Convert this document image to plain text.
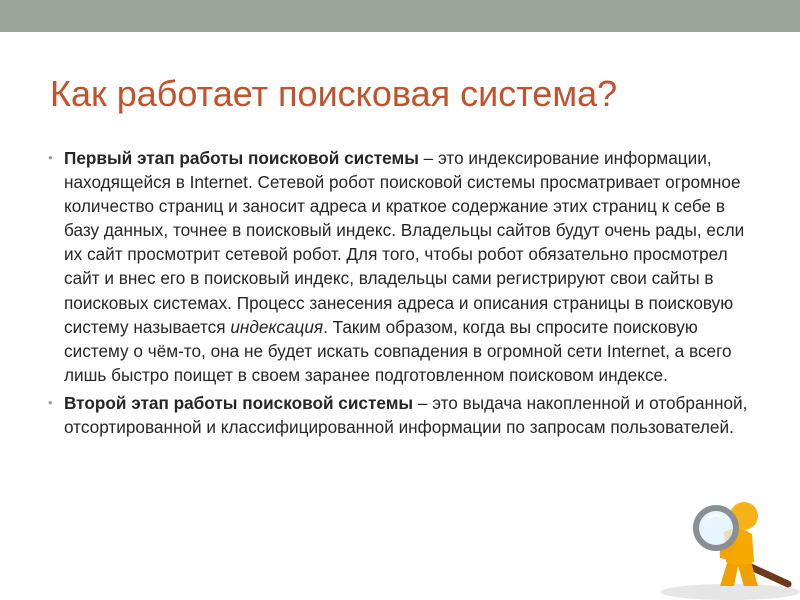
Как работает поисковая система?
• Первый этап работы поисковой системы – это индексирование информации, находящейся в Internet. Сетевой робот поисковой системы просматривает огромное количество страниц и заносит адреса и краткое содержание этих страниц к себе в базу данных, точнее в поисковый индекс. Владельцы сайтов будут очень рады, если их сайт просмотрит сетевой робот. Для того, чтобы робот обязательно просмотрел сайт и внес его в поисковый индекс, владельцы сами регистрируют свои сайты в поисковых системах. Процесс занесения адреса и описания страницы в поисковую систему называется индексация. Таким образом, когда вы спросите поисковую систему о чём-то, она не будет искать совпадения в огромной сети Internet, а всего лишь быстро поищет в своем заранее подготовленном поисковом индексе.
• Второй этап работы поисковой системы – это выдача накопленной и отобранной, отсортированной и классифицированной информации по запросам пользователей.
